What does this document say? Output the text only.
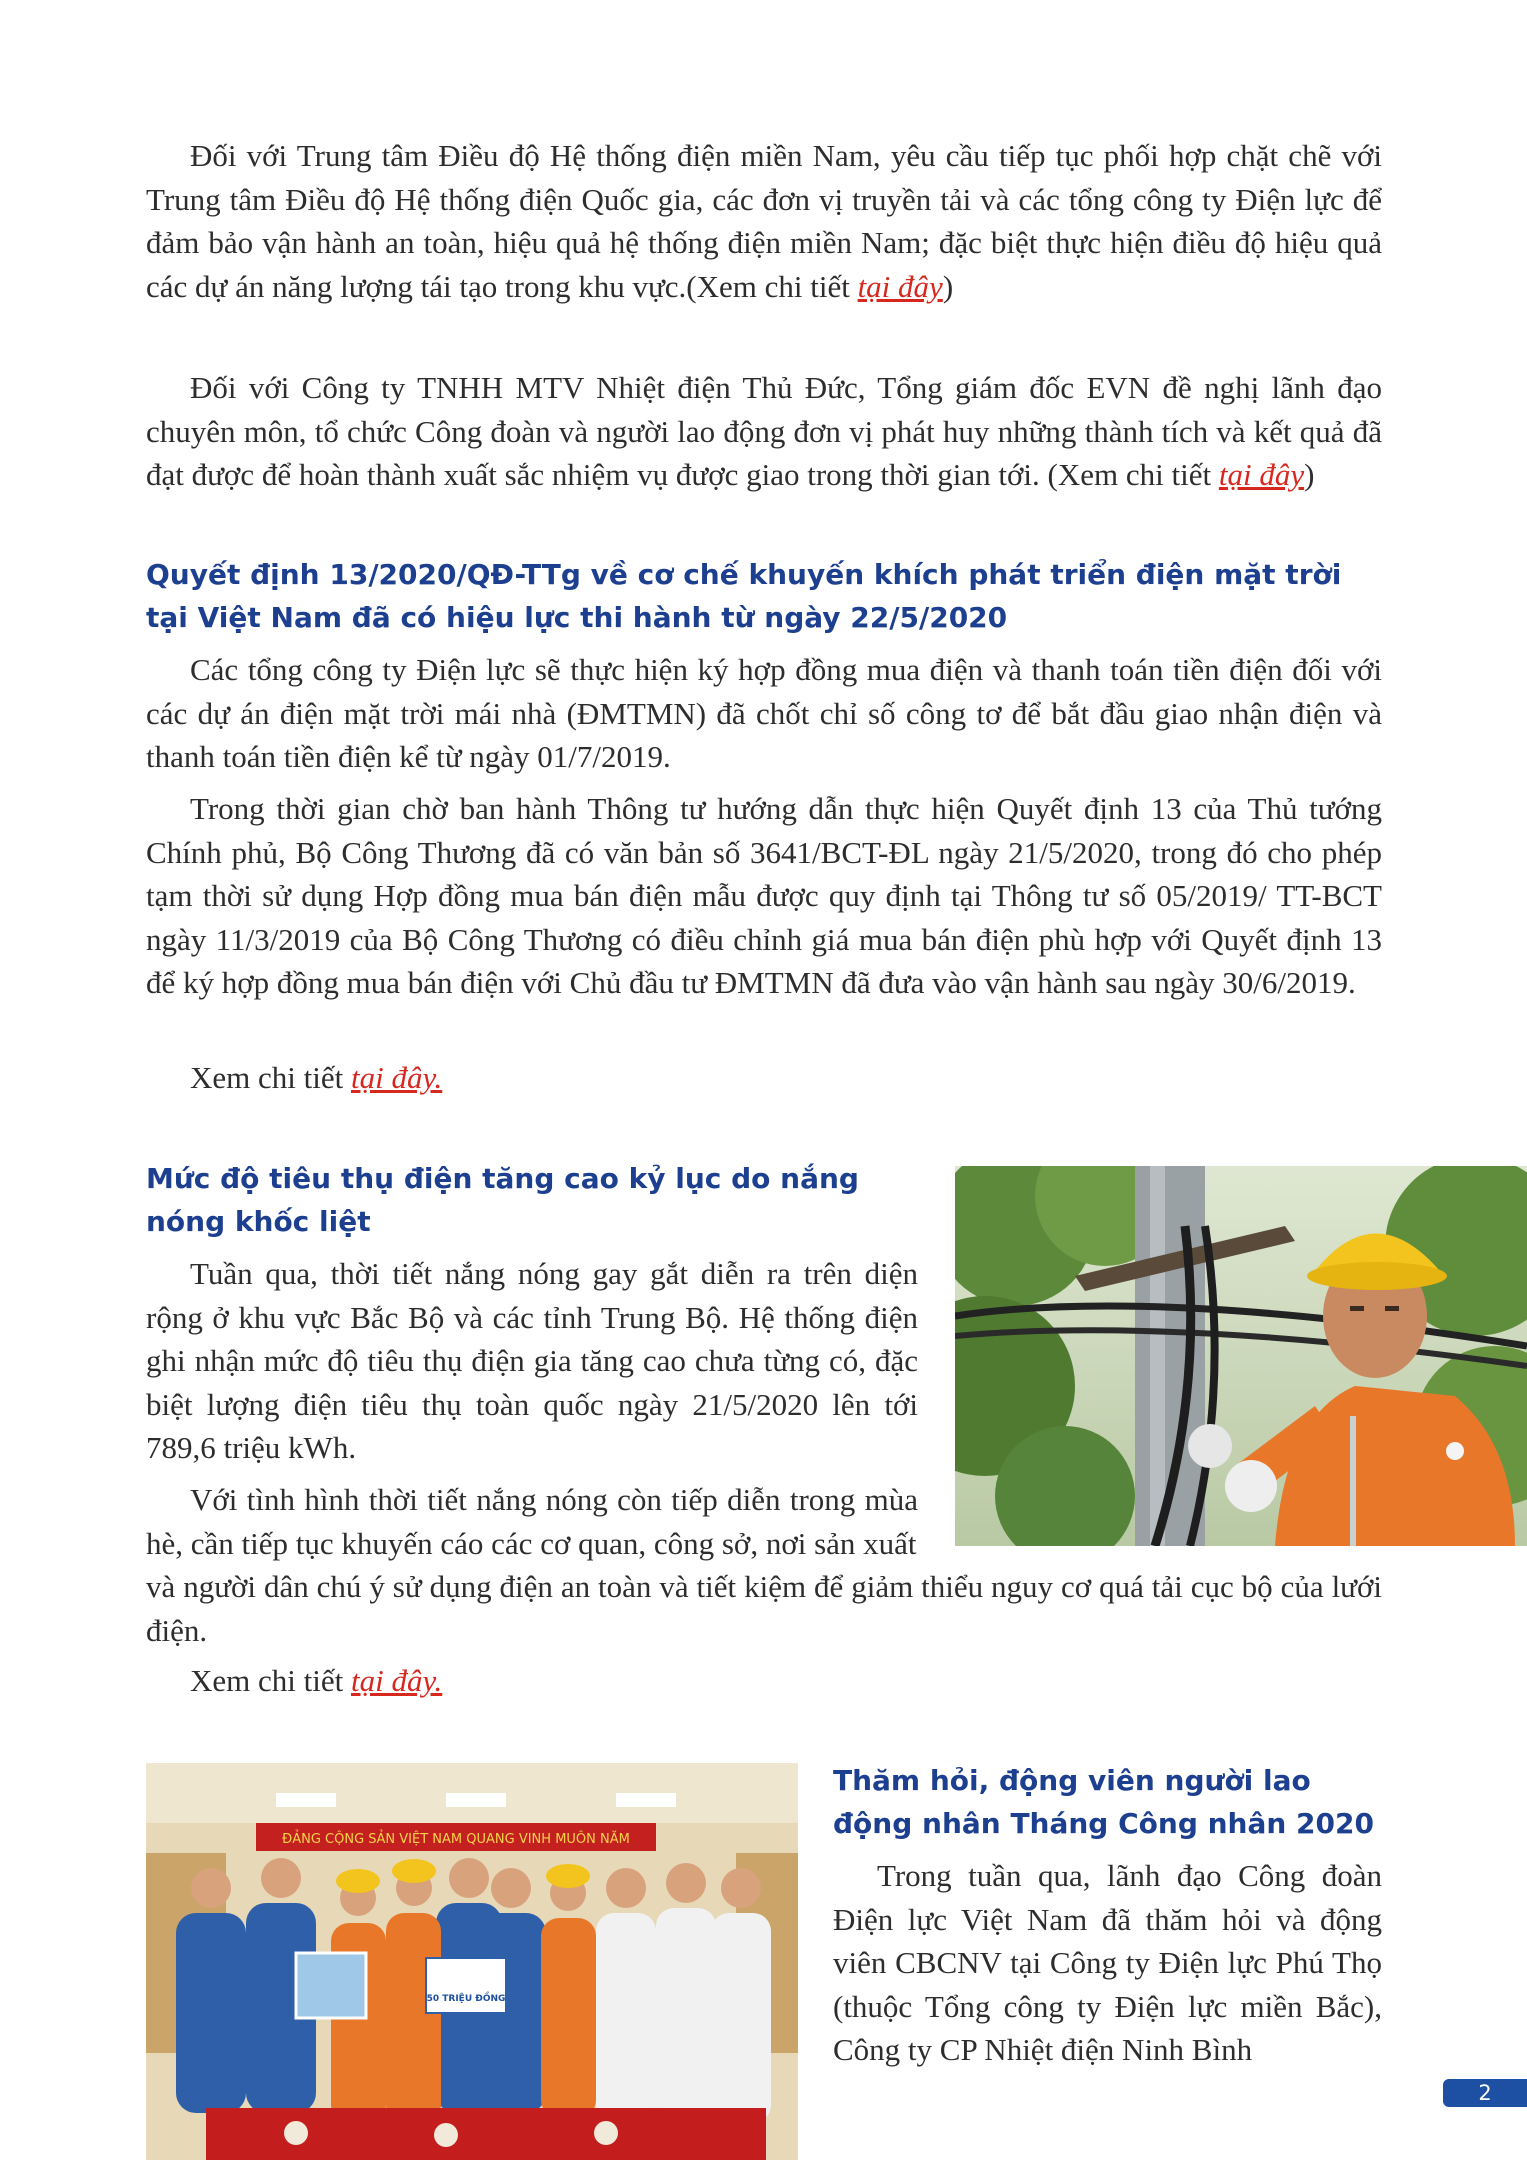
Đối với Trung tâm Điều độ Hệ thống điện miền Nam, yêu cầu tiếp tục phối hợp chặt chẽ với Trung tâm Điều độ Hệ thống điện Quốc gia, các đơn vị truyền tải và các tổng công ty Điện lực để đảm bảo vận hành an toàn, hiệu quả hệ thống điện miền Nam; đặc biệt thực hiện điều độ hiệu quả các dự án năng lượng tái tạo trong khu vực.(Xem chi tiết tại đây)

Đối với Công ty TNHH MTV Nhiệt điện Thủ Đức, Tổng giám đốc EVN đề nghị lãnh đạo chuyên môn, tổ chức Công đoàn và người lao động đơn vị phát huy những thành tích và kết quả đã đạt được để hoàn thành xuất sắc nhiệm vụ được giao trong thời gian tới. (Xem chi tiết tại đây)

Quyết định 13/2020/QĐ-TTg về cơ chế khuyến khích phát triển điện mặt trời tại Việt Nam đã có hiệu lực thi hành từ ngày 22/5/2020

Các tổng công ty Điện lực sẽ thực hiện ký hợp đồng mua điện và thanh toán tiền điện đối với các dự án điện mặt trời mái nhà (ĐMTMN) đã chốt chỉ số công tơ để bắt đầu giao nhận điện và thanh toán tiền điện kể từ ngày 01/7/2019.

Trong thời gian chờ ban hành Thông tư hướng dẫn thực hiện Quyết định 13 của Thủ tướng Chính phủ, Bộ Công Thương đã có văn bản số 3641/BCT-ĐL ngày 21/5/2020, trong đó cho phép tạm thời sử dụng Hợp đồng mua bán điện mẫu được quy định tại Thông tư số 05/2019/ TT-BCT ngày 11/3/2019 của Bộ Công Thương có điều chỉnh giá mua bán điện phù hợp với Quyết định 13 để ký hợp đồng mua bán điện với Chủ đầu tư ĐMTMN đã đưa vào vận hành sau ngày 30/6/2019.

Xem chi tiết tại đây.

Mức độ tiêu thụ điện tăng cao kỷ lục do nắng nóng khốc liệt

Tuần qua, thời tiết nắng nóng gay gắt diễn ra trên diện rộng ở khu vực Bắc Bộ và các tỉnh Trung Bộ. Hệ thống điện ghi nhận mức độ tiêu thụ điện gia tăng cao chưa từng có, đặc biệt lượng điện tiêu thụ toàn quốc ngày 21/5/2020 lên tới 789,6 triệu kWh.

Với tình hình thời tiết nắng nóng còn tiếp diễn trong mùa hè, cần tiếp tục khuyến cáo các cơ quan, công sở, nơi sản xuất

và người dân chú ý sử dụng điện an toàn và tiết kiệm để giảm thiểu nguy cơ quá tải cục bộ của lưới điện.

Xem chi tiết tại đây.

Thăm hỏi, động viên người lao động nhân Tháng Công nhân 2020

Trong tuần qua, lãnh đạo Công đoàn Điện lực Việt Nam đã thăm hỏi và động viên CBCNV tại Công ty Điện lực Phú Thọ (thuộc Tổng công ty Điện lực miền Bắc), Công ty CP Nhiệt điện Ninh Bình

ĐẢNG CỘNG SẢN VIỆT NAM QUANG VINH MUÔN NĂM
50 TRIỆU ĐỒNG
2
